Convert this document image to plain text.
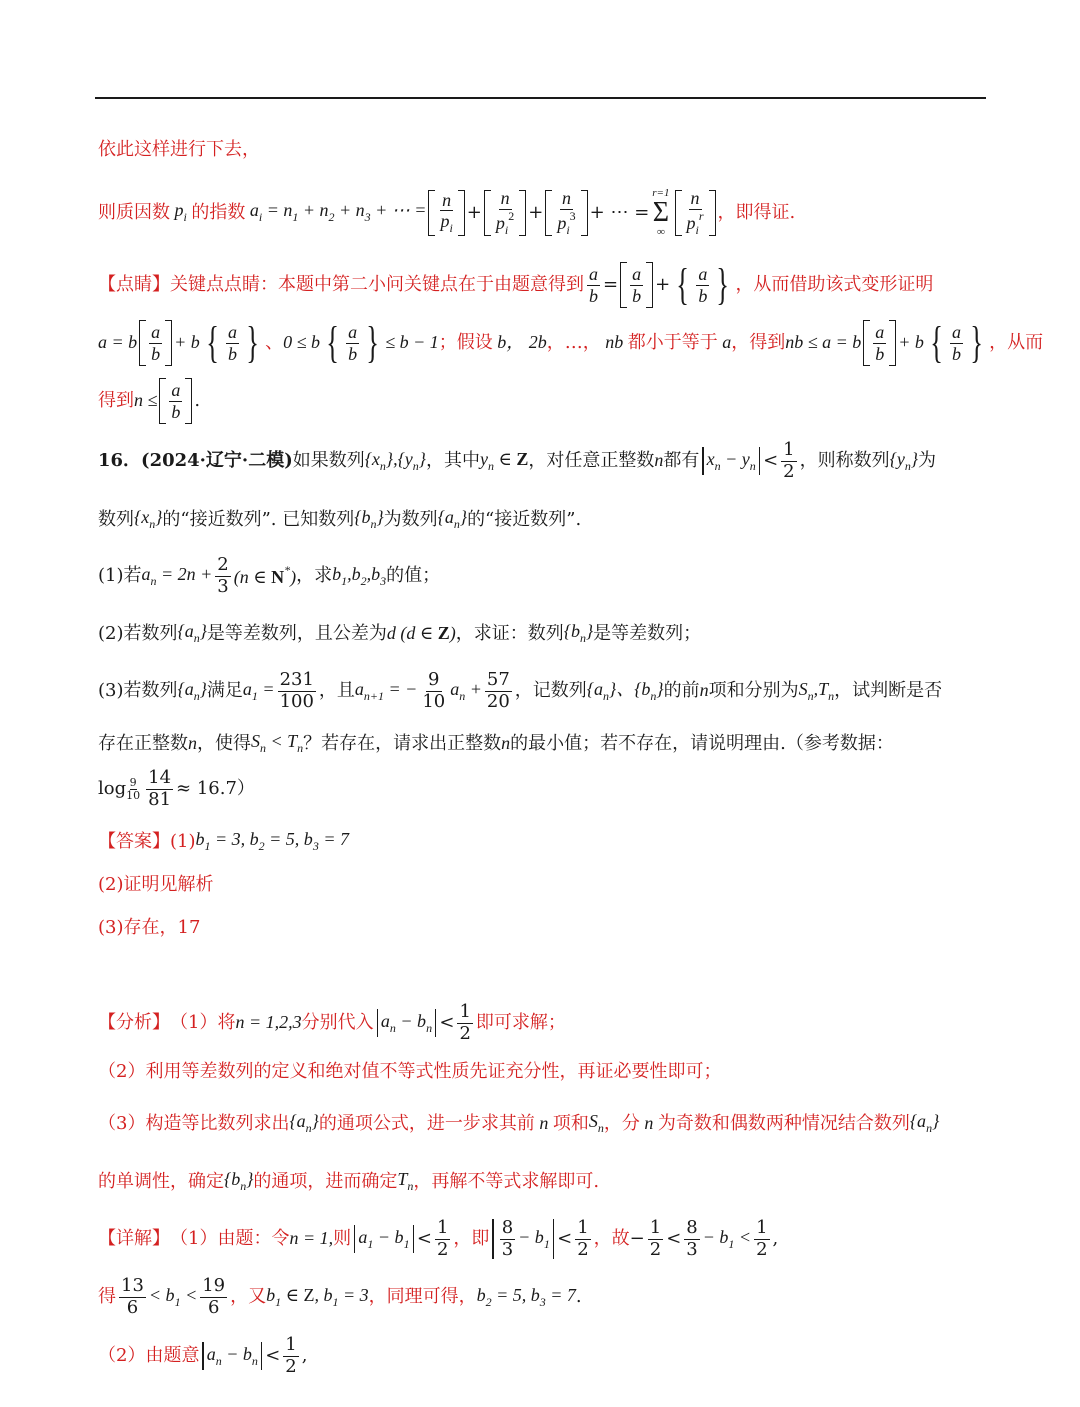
依此这样进行下去，
则质因数 $p_i$ 的指数 $a_i = n_1 + n_2 + n_3$ + ⋯ = $\frac{n}{p_i} + \frac{n}{p_i^2} + \frac{n}{p_i^3}$ + ⋯ =
r=1
Σ
∞ $\frac{n}{p_i^r}$ ，即得证.
【点睛】关键点点睛：本题中第二小问关键点在于由题意得到 $\frac{a}{b} = \frac{a}{b}$ + { $\frac{a}{b}$ } ，从而借助该式变形证明
a = b $\frac{a}{b} + b$ { $\frac{a}{b}$ } 、 0 ≤ b { $\frac{a}{b}$ } ≤ b − 1 ；假设 b， 2b ，…， nb 都小于等于 a ，得到 nb ≤ a = b $\frac{a}{b} + b$ { $\frac{a}{b}$ } ，从而
得到 $n \le \frac{a}{b}$ .
16．(2024·辽宁·二模) 如果数列 $\{x_n\},\{y_n\}$ ，其中 $y_n$ ∈ Z ，对任意正整数 n 都有 $x_n - y_n < \frac{1}{2}$ ，则称数列 $\{y_n\}$ 为
数列 $\{x_n\}$ 的“接近数列”. 已知数列 $\{b_n\}$ 为数列 $\{a_n\}$ 的“接近数列”.
(1)若 $a_n = 2n + \frac{2}{3} (n$ ∈ N*) ，求 $b_1,b_2,b_3$ 的值；
(2)若数列 $\{a_n\}$ 是等差数列，且公差为 d (d ∈ Z) ，求证：数列 $\{b_n\}$ 是等差数列；
(3)若数列 $\{a_n\}$ 满足 $a_1 = \frac{231}{100}$ ，且 $a_{n+1}$ = − $\frac{9}{10} a_n + \frac{57}{20}$ ，记数列 $\{a_n\}$、$\{b_n\}$ 的前 n 项和分别为 $S_n,T_n$ ，试判断是否
存在正整数 n ，使得 $S_n < T_n$ ？若存在，请求出正整数 n 的最小值；若不存在，请说明理由.（参考数据：
log 9
$10 \frac{14}{81} \approx 16.7$ ）
【答案】 (1) $b_1 = 3$, $b_2 = 5$, $b_3 = 7$
(2)证明见解析
(3)存在，17
【分析】 （1）将 n = 1,2,3 分别代入 $a_n - b_n < \frac{1}{2}$ 即可求解；
（2）利用等差数列的定义和绝对值不等式性质先证充分性，再证必要性即可；
（3）构造等比数列求出 $\{a_n\}$ 的通项公式，进一步求其前 n 项和 $S_n$ ，分 n 为奇数和偶数两种情况结合数列 $\{a_n\}$
的单调性，确定 $\{b_n\}$ 的通项，进而确定 $T_n$ ，再解不等式求解即可.
【详解】 （1）由题：令 n = 1, 则 $a_1 - b_1 < \frac{1}{2}$ ，即 $\frac{8}{3} - b_1 < \frac{1}{2}$ ，故 − $\frac{1}{2} < \frac{8}{3} - b_1 < \frac{1}{2}$ ,
得 $\frac{13}{6} < b_1 < \frac{19}{6}$ ，又 $b_1$ ∈ Z, $b_1 = 3$ ，同理可得， $b_2 = 5$, $b_3 = 7$ .
（2）由题意 $a_n - b_n < \frac{1}{2}$ ,
